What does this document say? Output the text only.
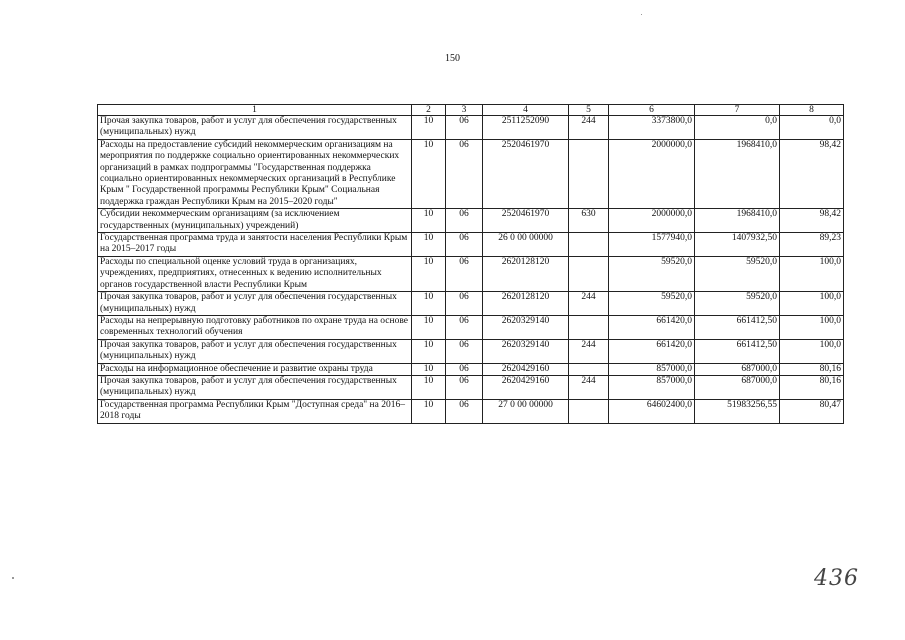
150
1	2	3	4	5	6	7	8
Прочая закупка товаров, работ и услуг для обеспечения государственных (муниципальных) нужд	10	06	2511252090	244	3373800,0	0,0	0,0
Расходы на предоставление субсидий некоммерческим организациям на мероприятия по поддержке социально ориентированных некоммерческих организаций в рамках подпрограммы "Государственная поддержка социально ориентированных некоммерческих организаций в Республике Крым " Государственной программы Республики Крым" Социальная поддержка граждан Республики Крым на 2015–2020 годы"	10	06	2520461970		2000000,0	1968410,0	98,42
Субсидии некоммерческим организациям (за исключением государственных (муниципальных) учреждений)	10	06	2520461970	630	2000000,0	1968410,0	98,42
Государственная программа труда и занятости населения Республики Крым на 2015–2017 годы	10	06	26 0 00 00000		1577940,0	1407932,50	89,23
Расходы по специальной оценке условий труда в организациях, учреждениях, предприятиях, отнесенных к ведению исполнительных органов государственной власти Республики Крым	10	06	2620128120		59520,0	59520,0	100,0
Прочая закупка товаров, работ и услуг для обеспечения государственных (муниципальных) нужд	10	06	2620128120	244	59520,0	59520,0	100,0
Расходы на непрерывную подготовку работников по охране труда на основе современных технологий обучения	10	06	2620329140		661420,0	661412,50	100,0
Прочая закупка товаров, работ и услуг для обеспечения государственных (муниципальных) нужд	10	06	2620329140	244	661420,0	661412,50	100,0
Расходы на информационное обеспечение и развитие охраны труда	10	06	2620429160		857000,0	687000,0	80,16
Прочая закупка товаров, работ и услуг для обеспечения государственных (муниципальных) нужд	10	06	2620429160	244	857000,0	687000,0	80,16
Государственная программа Республики Крым "Доступная среда" на 2016–2018 годы	10	06	27 0 00 00000		64602400,0	51983256,55	80,47
436
